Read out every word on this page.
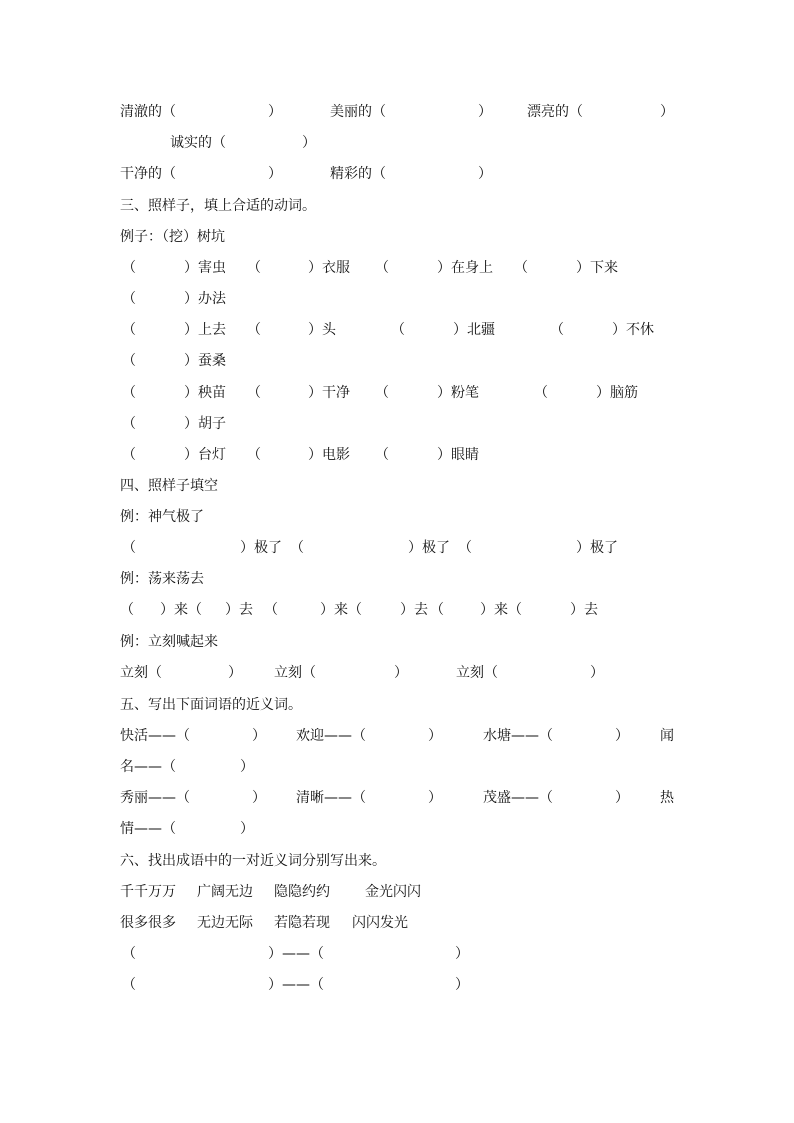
清澈的（	）	美丽的（	）	漂亮的（	）
诚实的（	）
干净的（	）	精彩的（	）
三、照样子，填上合适的动词。
例子：（挖）树坑
（	）害虫 （	）衣服 （	）在身上 （	）下来
（	）办法
（	）上去 （	）头	（	）北疆	（	）不休
（	）蚕桑
（	）秧苗 （	）干净 （	）粉笔	（	）脑筋
（	）胡子
（	）台灯 （	）电影 （	）眼睛
四、照样子填空
例：神气极了
（	）极了 （	）极了 （	）极了
例：荡来荡去
（ ）来（ ）去 （	）来（	）去 （	）来（	）去
例：立刻喊起来
立刻（	） 立刻（	）	立刻（	）
五、写出下面词语的近义词。
快活——（	） 欢迎——（	）	水塘——（	） 闻
名——（	）
秀丽——（	） 清晰——（	）	茂盛——（	） 热
情——（	）
六、找出成语中的一对近义词分别写出来。
千千万万 广阔无边 隐隐约约	金光闪闪
很多很多 无边无际 若隐若现 闪闪发光
（	）——（	）
（	）——（	）
